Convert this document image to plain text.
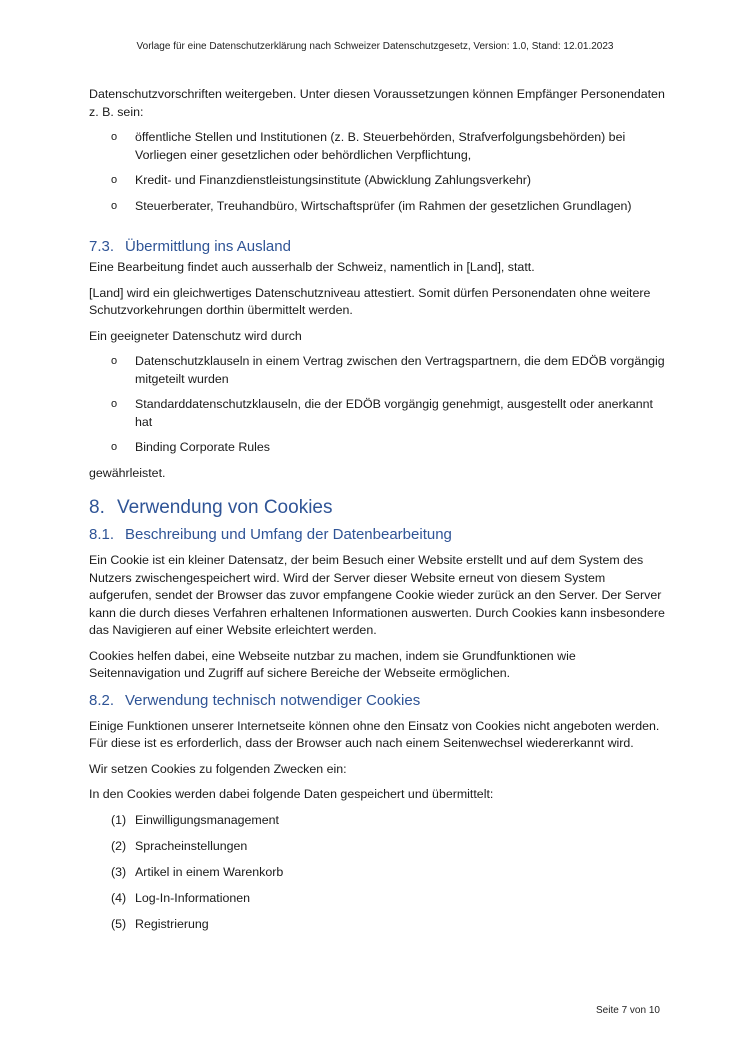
Vorlage für eine Datenschutzerklärung nach Schweizer Datenschutzgesetz, Version: 1.0, Stand: 12.01.2023

Datenschutzvorschriften weitergeben. Unter diesen Voraussetzungen können Empfänger Personendaten z. B. sein:

o öffentliche Stellen und Institutionen (z. B. Steuerbehörden, Strafverfolgungsbehörden) bei Vorliegen einer gesetzlichen oder behördlichen Verpflichtung,
o Kredit- und Finanzdienstleistungsinstitute (Abwicklung Zahlungsverkehr)
o Steuerberater, Treuhandbüro, Wirtschaftsprüfer (im Rahmen der gesetzlichen Grundlagen)
7.3. Übermittlung ins Ausland

Eine Bearbeitung findet auch ausserhalb der Schweiz, namentlich in [Land], statt.

[Land] wird ein gleichwertiges Datenschutzniveau attestiert. Somit dürfen Personendaten ohne weitere Schutzvorkehrungen dorthin übermittelt werden.

Ein geeigneter Datenschutz wird durch

o Datenschutzklauseln in einem Vertrag zwischen den Vertragspartnern, die dem EDÖB vorgängig mitgeteilt wurden
o Standarddatenschutzklauseln, die der EDÖB vorgängig genehmigt, ausgestellt oder anerkannt hat
o Binding Corporate Rules

gewährleistet.

8. Verwendung von Cookies
8.1. Beschreibung und Umfang der Datenbearbeitung

Ein Cookie ist ein kleiner Datensatz, der beim Besuch einer Website erstellt und auf dem System des Nutzers zwischengespeichert wird. Wird der Server dieser Website erneut von diesem System aufgerufen, sendet der Browser das zuvor empfangene Cookie wieder zurück an den Server. Der Server kann die durch dieses Verfahren erhaltenen Informationen auswerten. Durch Cookies kann insbesondere das Navigieren auf einer Website erleichtert werden.

Cookies helfen dabei, eine Webseite nutzbar zu machen, indem sie Grundfunktionen wie Seitennavigation und Zugriff auf sichere Bereiche der Webseite ermöglichen.

8.2. Verwendung technisch notwendiger Cookies

Einige Funktionen unserer Internetseite können ohne den Einsatz von Cookies nicht angeboten werden. Für diese ist es erforderlich, dass der Browser auch nach einem Seitenwechsel wiedererkannt wird.

Wir setzen Cookies zu folgenden Zwecken ein:

In den Cookies werden dabei folgende Daten gespeichert und übermittelt:

(1) Einwilligungsmanagement
(2) Spracheinstellungen
(3) Artikel in einem Warenkorb
(4) Log-In-Informationen
(5) Registrierung
Seite 7 von 10
